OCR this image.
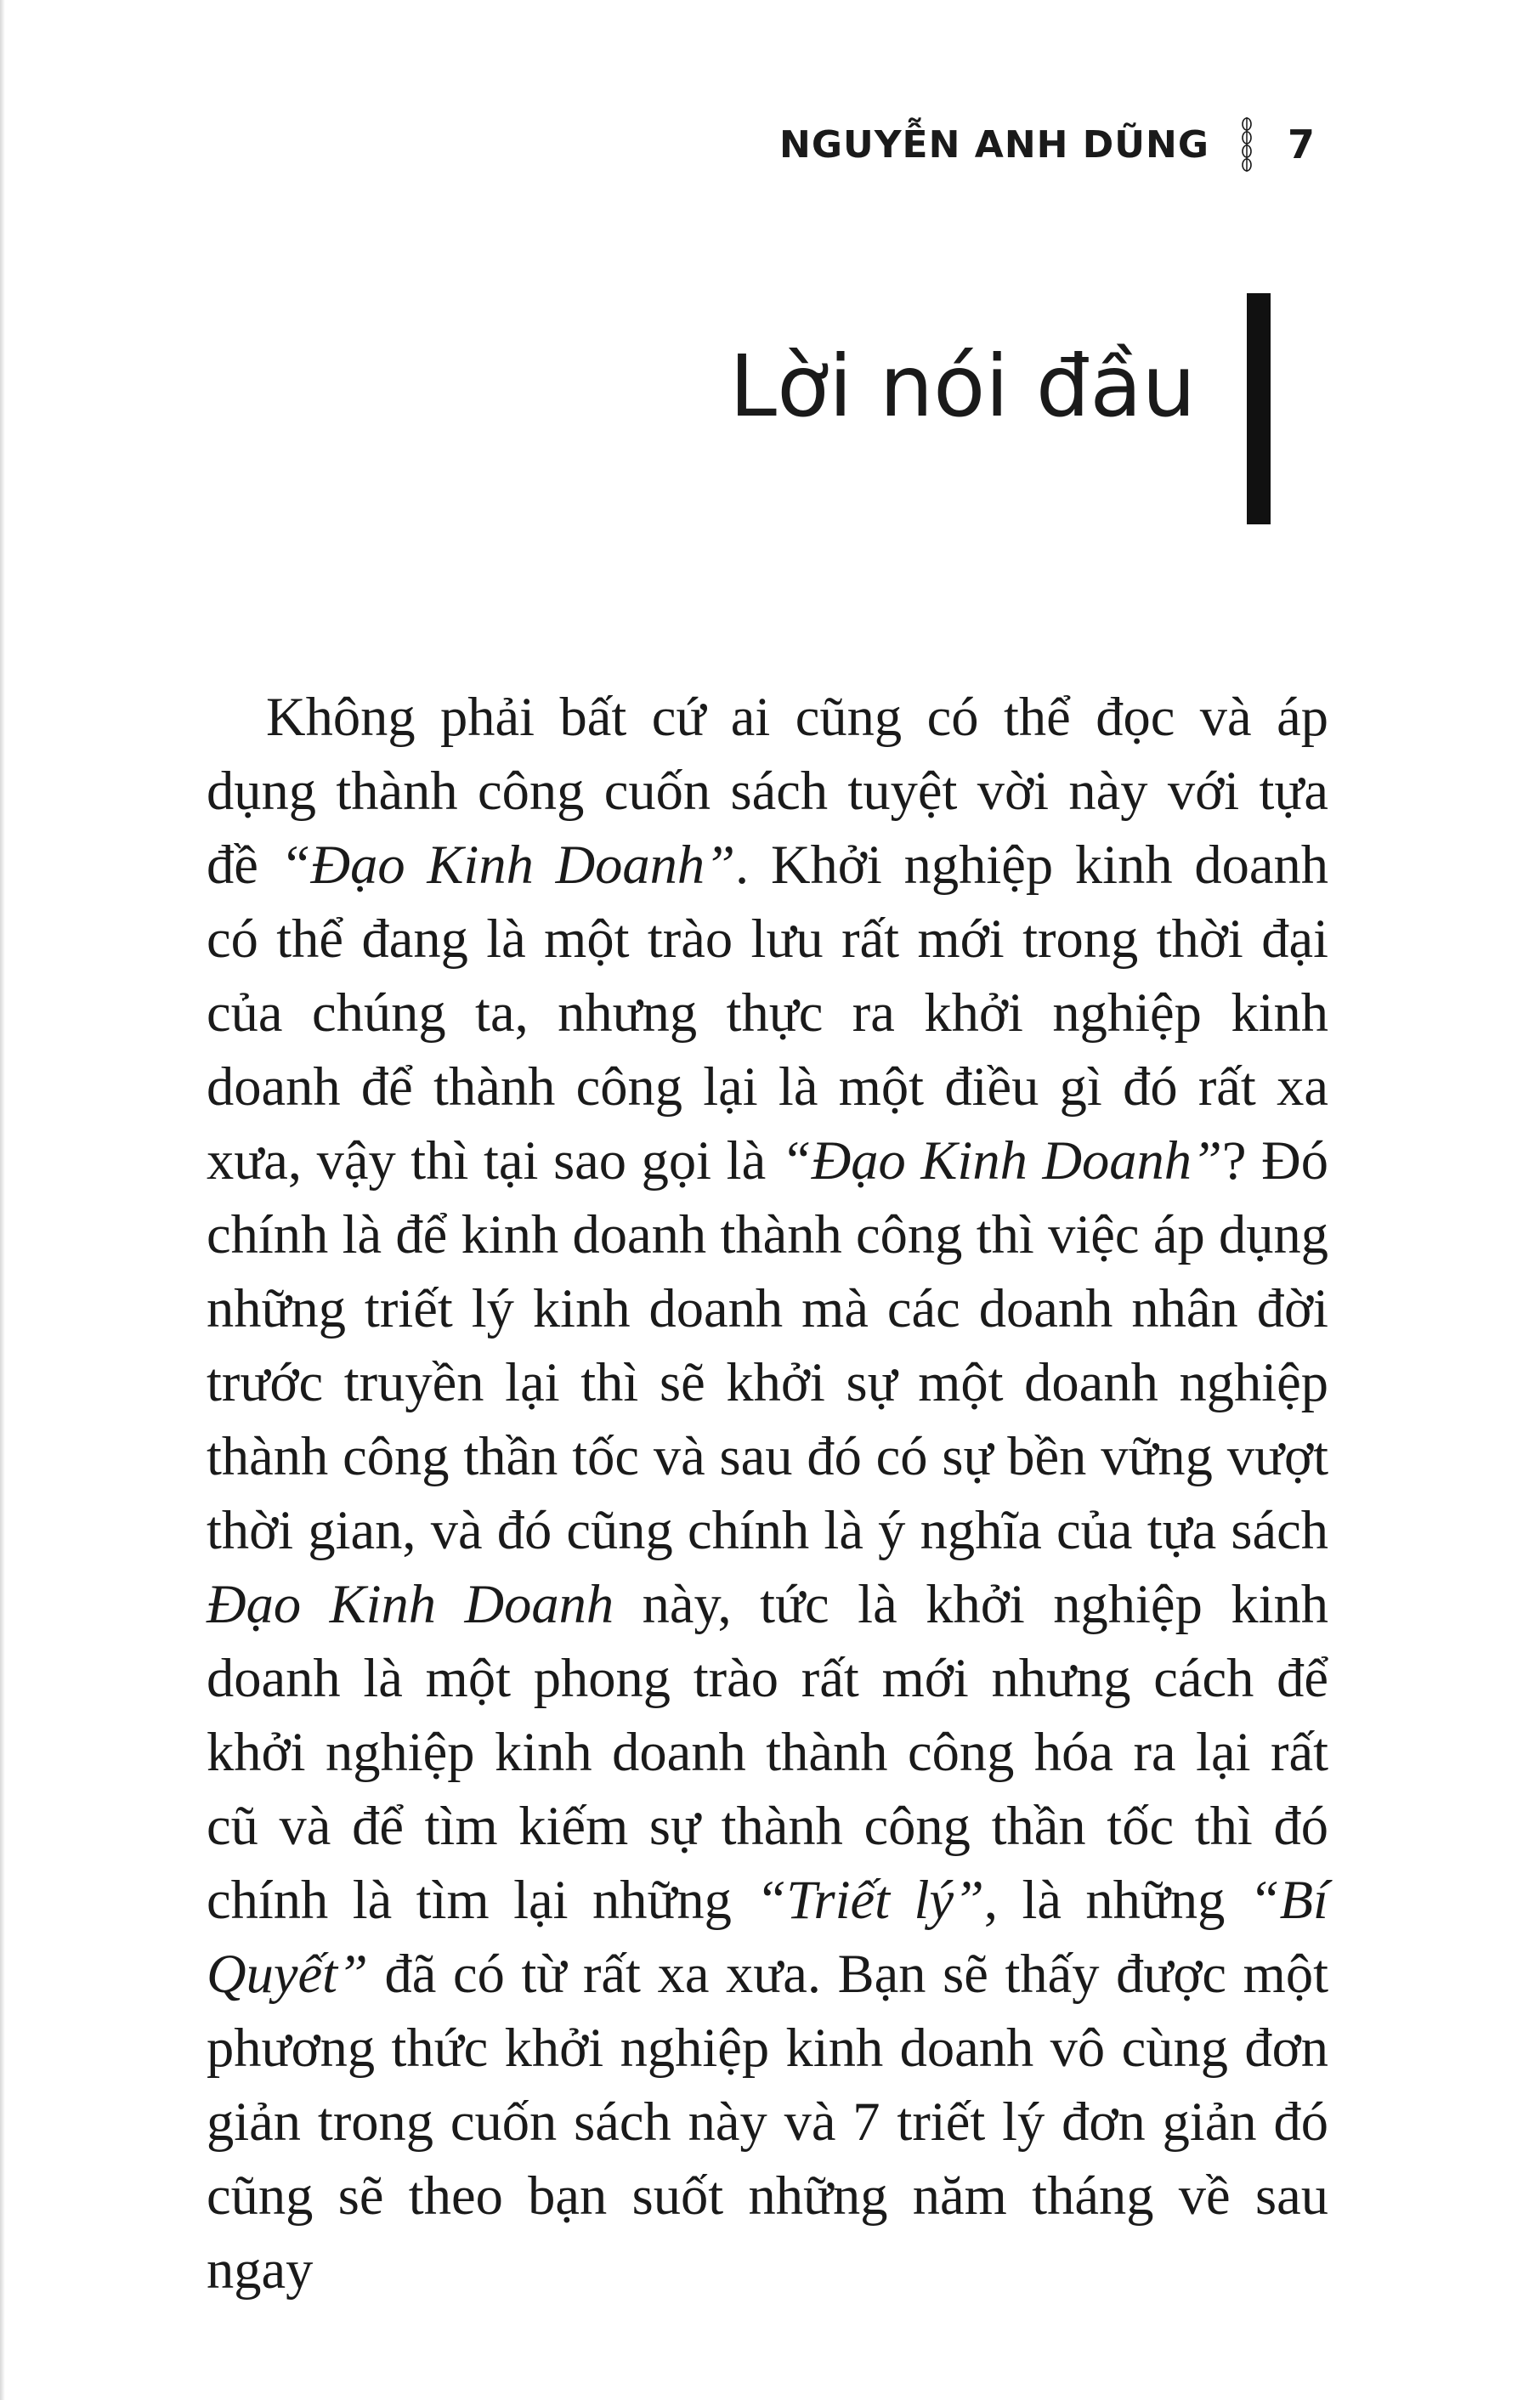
NGUYỄN ANH DŨNG 7
Lời nói đầu

Không phải bất cứ ai cũng có thể đọc và áp dụng thành công cuốn sách tuyệt vời này với tựa đề “Đạo Kinh Doanh”. Khởi nghiệp kinh doanh có thể đang là một trào lưu rất mới trong thời đại của chúng ta, nhưng thực ra khởi nghiệp kinh doanh để thành công lại là một điều gì đó rất xa xưa, vậy thì tại sao gọi là “Đạo Kinh Doanh”? Đó chính là để kinh doanh thành công thì việc áp dụng những triết lý kinh doanh mà các doanh nhân đời trước truyền lại thì sẽ khởi sự một doanh nghiệp thành công thần tốc và sau đó có sự bền vững vượt thời gian, và đó cũng chính là ý nghĩa của tựa sách Đạo Kinh Doanh này, tức là khởi nghiệp kinh doanh là một phong trào rất mới nhưng cách để khởi nghiệp kinh doanh thành công hóa ra lại rất cũ và để tìm kiếm sự thành công thần tốc thì đó chính là tìm lại những “Triết lý”, là những “Bí Quyết” đã có từ rất xa xưa. Bạn sẽ thấy được một phương thức khởi nghiệp kinh doanh vô cùng đơn giản trong cuốn sách này và 7 triết lý đơn giản đó cũng sẽ theo bạn suốt những năm tháng về sau ngay
